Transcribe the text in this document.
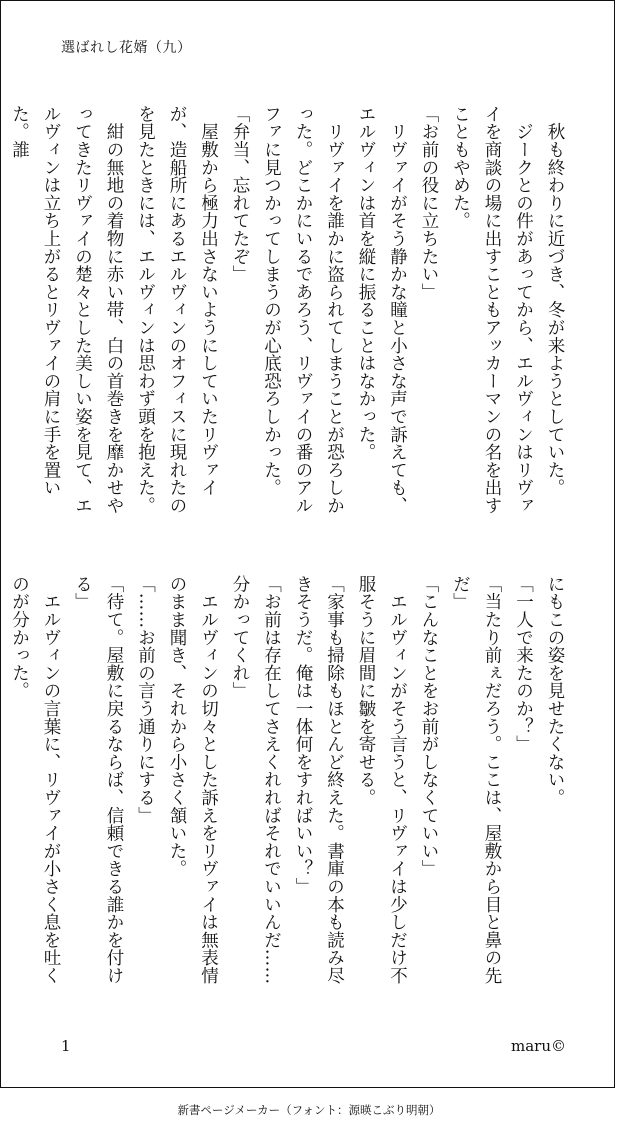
選ばれし花婿（九）

　秋も終わりに近づき、冬が来ようとしていた。

　ジークとの件があってから、エルヴィンはリヴァイを商談の場に出すこともアッカーマンの名を出すこともやめた。

「お前の役に立ちたい」

　リヴァイがそう静かな瞳と小さな声で訴えても、エルヴィンは首を縦に振ることはなかった。

　リヴァイを誰かに盗られてしまうことが恐ろしかった。どこかにいるであろう、リヴァイの番のアルファに見つかってしまうのが心底恐ろしかった。

「弁当、忘れてたぞ」

　屋敷から極力出さないようにしていたリヴァイが、造船所にあるエルヴィンのオフィスに現れたのを見たときには、エルヴィンは思わず頭を抱えた。

　紺の無地の着物に赤い帯、白の首巻きを靡かせやってきたリヴァイの楚々とした美しい姿を見て、エルヴィンは立ち上がるとリヴァイの肩に手を置いた。誰

にもこの姿を見せたくない。

「一人で来たのか？」

「当たり前ぇだろう。ここは、屋敷から目と鼻の先だ」

「こんなことをお前がしなくていい」

　エルヴィンがそう言うと、リヴァイは少しだけ不服そうに眉間に皺を寄せる。

「家事も掃除もほとんど終えた。書庫の本も読み尽きそうだ。俺は一体何をすればいい？」

「お前は存在してさえくれればそれでいいんだ……分かってくれ」

　エルヴィンの切々とした訴えをリヴァイは無表情のまま聞き、それから小さく頷いた。

「……お前の言う通りにする」

「待て。屋敷に戻るならば、信頼できる誰かを付ける」

　エルヴィンの言葉に、リヴァイが小さく息を吐くのが分かった。

1	maru©
新書ページメーカー（フォント：源暎こぶり明朝）
